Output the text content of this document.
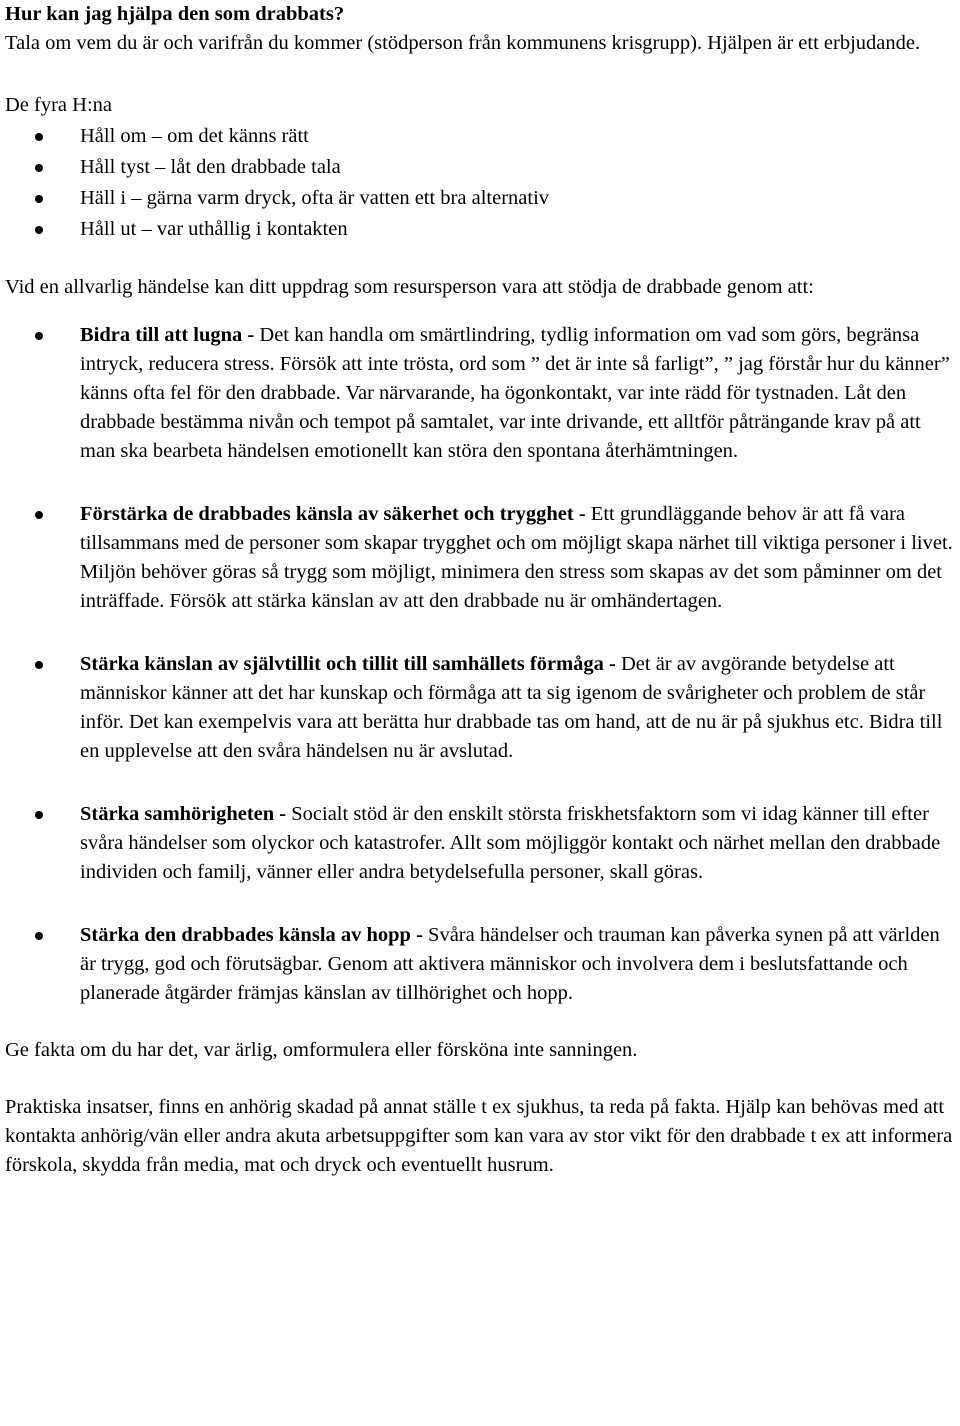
Hur kan jag hjälpa den som drabbats?

Tala om vem du är och varifrån du kommer (stödperson från kommunens krisgrupp). Hjälpen är ett erbjudande.

De fyra H:na

Håll om – om det känns rätt
Håll tyst – låt den drabbade tala
Häll i – gärna varm dryck, ofta är vatten ett bra alternativ
Håll ut – var uthållig i kontakten

Vid en allvarlig händelse kan ditt uppdrag som resursperson vara att stödja de drabbade genom att:

Bidra till att lugna - Det kan handla om smärtlindring, tydlig information om vad som görs, begränsa intryck, reducera stress. Försök att inte trösta, ord som ” det är inte så farligt”, ” jag förstår hur du känner” känns ofta fel för den drabbade. Var närvarande, ha ögonkontakt, var inte rädd för tystnaden. Låt den drabbade bestämma nivån och tempot på samtalet, var inte drivande, ett alltför påträngande krav på att man ska bearbeta händelsen emotionellt kan störa den spontana återhämtningen.
Förstärka de drabbades känsla av säkerhet och trygghet - Ett grundläggande behov är att få vara tillsammans med de personer som skapar trygghet och om möjligt skapa närhet till viktiga personer i livet. Miljön behöver göras så trygg som möjligt, minimera den stress som skapas av det som påminner om det inträffade. Försök att stärka känslan av att den drabbade nu är omhändertagen.
Stärka känslan av självtillit och tillit till samhällets förmåga - Det är av avgörande betydelse att människor känner att det har kunskap och förmåga att ta sig igenom de svårigheter och problem de står inför. Det kan exempelvis vara att berätta hur drabbade tas om hand, att de nu är på sjukhus etc. Bidra till en upplevelse att den svåra händelsen nu är avslutad.
Stärka samhörigheten - Socialt stöd är den enskilt största friskhetsfaktorn som vi idag känner till efter svåra händelser som olyckor och katastrofer. Allt som möjliggör kontakt och närhet mellan den drabbade individen och familj, vänner eller andra betydelsefulla personer, skall göras.
Stärka den drabbades känsla av hopp - Svåra händelser och trauman kan påverka synen på att världen är trygg, god och förutsägbar. Genom att aktivera människor och involvera dem i beslutsfattande och planerade åtgärder främjas känslan av tillhörighet och hopp.

Ge fakta om du har det, var ärlig, omformulera eller försköna inte sanningen.

Praktiska insatser, finns en anhörig skadad på annat ställe t ex sjukhus, ta reda på fakta. Hjälp kan behövas med att kontakta anhörig/vän eller andra akuta arbetsuppgifter som kan vara av stor vikt för den drabbade t ex att informera förskola, skydda från media, mat och dryck och eventuellt husrum.
